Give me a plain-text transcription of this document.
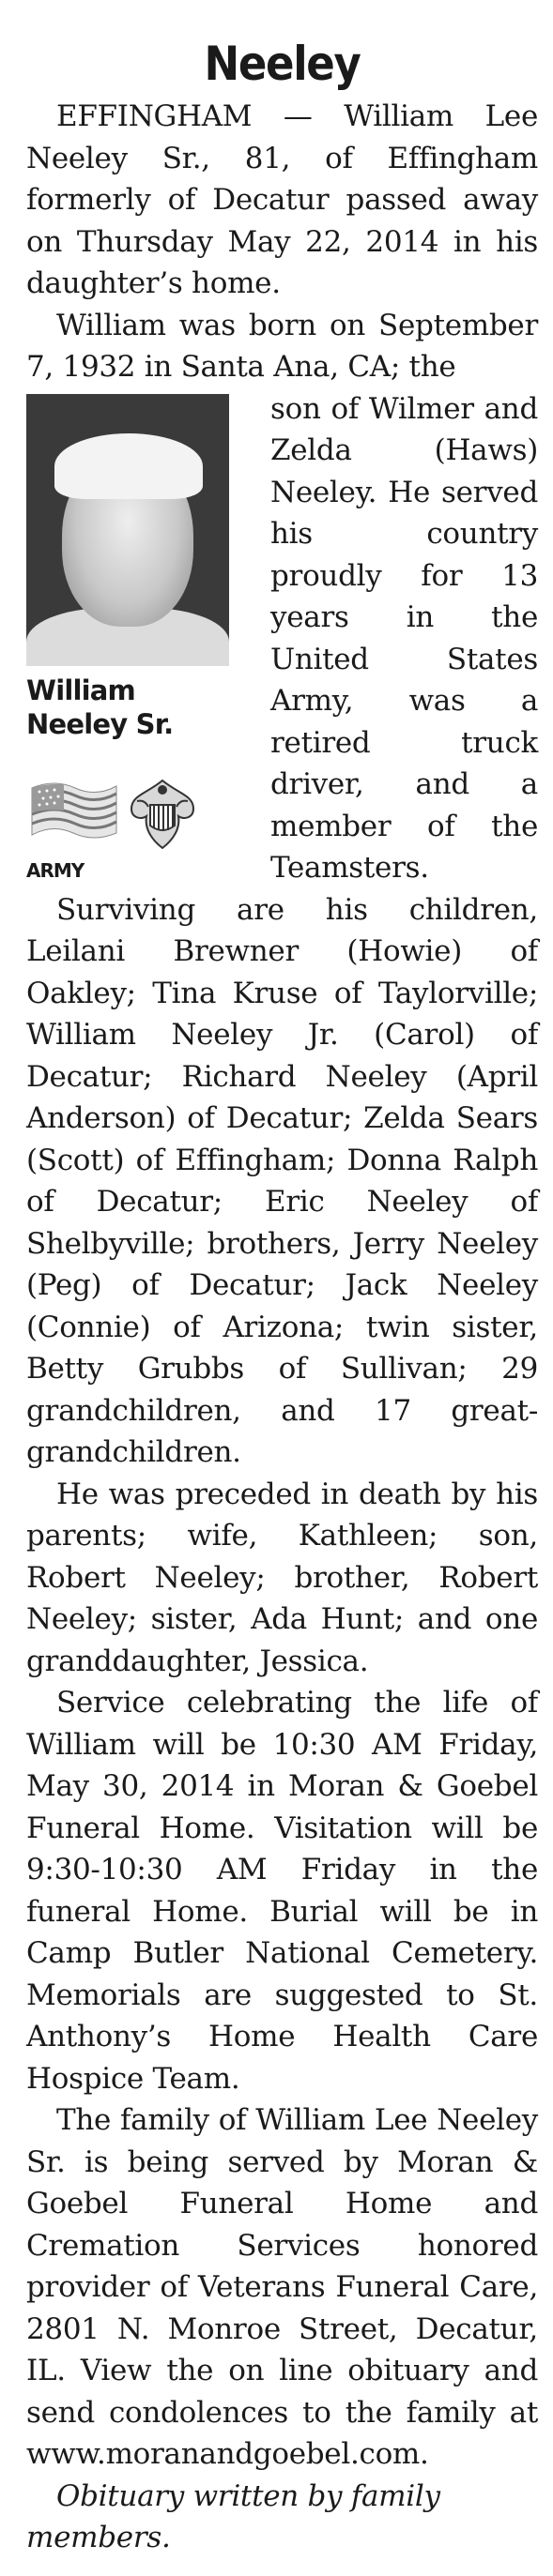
Neeley

EFFINGHAM — William Lee Neeley Sr., 81, of Effingham formerly of Decatur passed away on Thursday May 22, 2014 in his daughter’s home.

William was born on September 7, 1932 in Santa Ana, CA; the

William
Neeley Sr.
ARMY

son of Wilmer and Zelda (Haws) Neeley. He served his country proudly for 13 years in the United States Army, was a retired truck driver, and a member of the Teamsters.

Surviving are his children, Leilani Brewner (Howie) of Oakley; Tina Kruse of Taylorville; William Neeley Jr. (Carol) of Decatur; Richard Neeley (April Anderson) of Decatur; Zelda Sears (Scott) of Effingham; Donna Ralph of Decatur; Eric Neeley of Shelbyville; brothers, Jerry Neeley (Peg) of Decatur; Jack Neeley (Connie) of Arizona; twin sister, Betty Grubbs of Sullivan; 29 grandchildren, and 17 great-grandchildren.

He was preceded in death by his parents; wife, Kathleen; son, Robert Neeley; brother, Robert Neeley; sister, Ada Hunt; and one granddaughter, Jessica.

Service celebrating the life of William will be 10:30 AM Friday, May 30, 2014 in Moran & Goebel Funeral Home. Visitation will be 9:30-10:30 AM Friday in the funeral Home. Burial will be in Camp Butler National Cemetery. Memorials are suggested to St. Anthony’s Home Health Care Hospice Team.

The family of William Lee Neeley Sr. is being served by Moran & Goebel Funeral Home and Cremation Services honored provider of Veterans Funeral Care, 2801 N. Monroe Street, Decatur, IL. View the on line obituary and send condolences to the family at www.moranandgoebel.com.

Obituary written by family members.
